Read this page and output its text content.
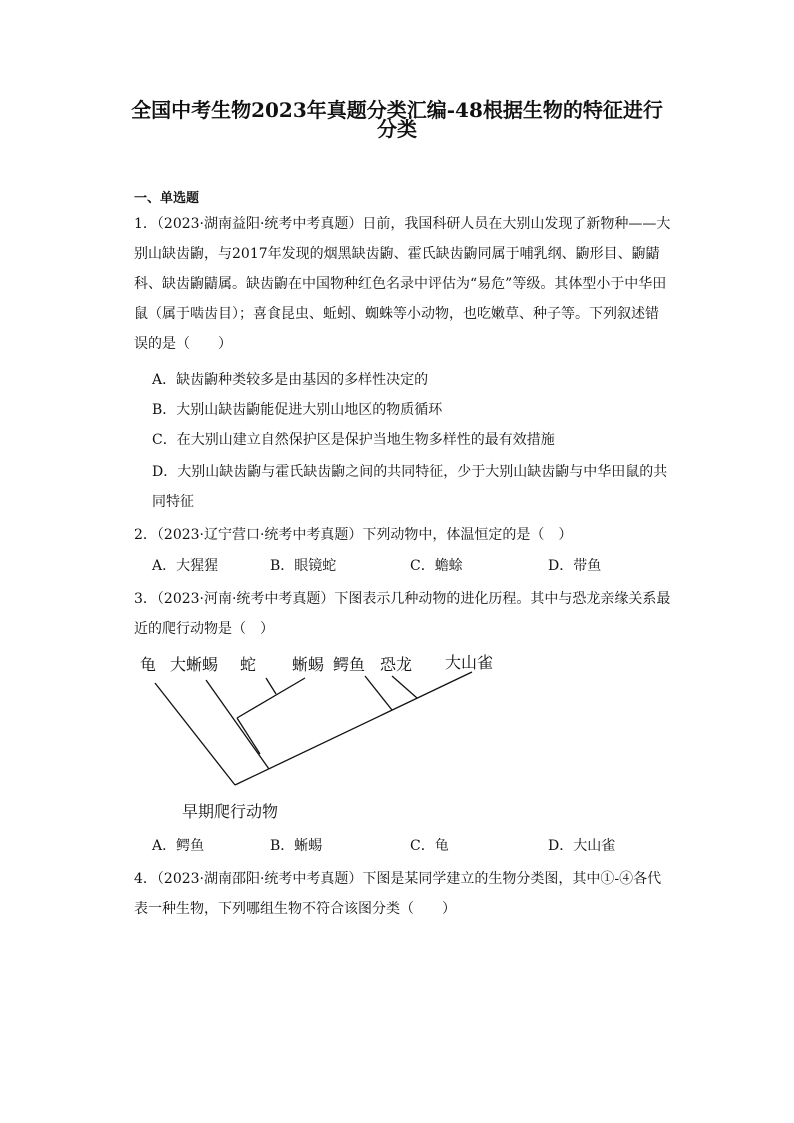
全国中考生物2023年真题分类汇编-48根据生物的特征进行
分类
一、单选题
1．（2023·湖南益阳·统考中考真题）日前，我国科研人员在大别山发现了新物种——大
别山缺齿鼩，与2017年发现的烟黑缺齿鼩、霍氏缺齿鼩同属于哺乳纲、鼩形目、鼩鼱
科、缺齿鼩鼱属。缺齿鼩在中国物种红色名录中评估为“易危”等级。其体型小于中华田
鼠（属于啮齿目）；喜食昆虫、蚯蚓、蜘蛛等小动物，也吃嫩草、种子等。下列叙述错
误的是（　　）
A．缺齿鼩种类较多是由基因的多样性决定的
B．大别山缺齿鼩能促进大别山地区的物质循环
C．在大别山建立自然保护区是保护当地生物多样性的最有效措施
D．大别山缺齿鼩与霍氏缺齿鼩之间的共同特征，少于大别山缺齿鼩与中华田鼠的共
同特征
2．（2023·辽宁营口·统考中考真题）下列动物中，体温恒定的是（　）
A．大猩猩	B．眼镜蛇	C．蟾蜍	D．带鱼
3．（2023·河南·统考中考真题）下图表示几种动物的进化历程。其中与恐龙亲缘关系最
近的爬行动物是（　）
龟 大蜥蜴 蛇 蜥蜴 鳄鱼 恐龙 大山雀
早期爬行动物
A．鳄鱼	B．蜥蜴	C．龟	D．大山雀
4．（2023·湖南邵阳·统考中考真题）下图是某同学建立的生物分类图，其中①-④各代
表一种生物，下列哪组生物不符合该图分类（　　）
